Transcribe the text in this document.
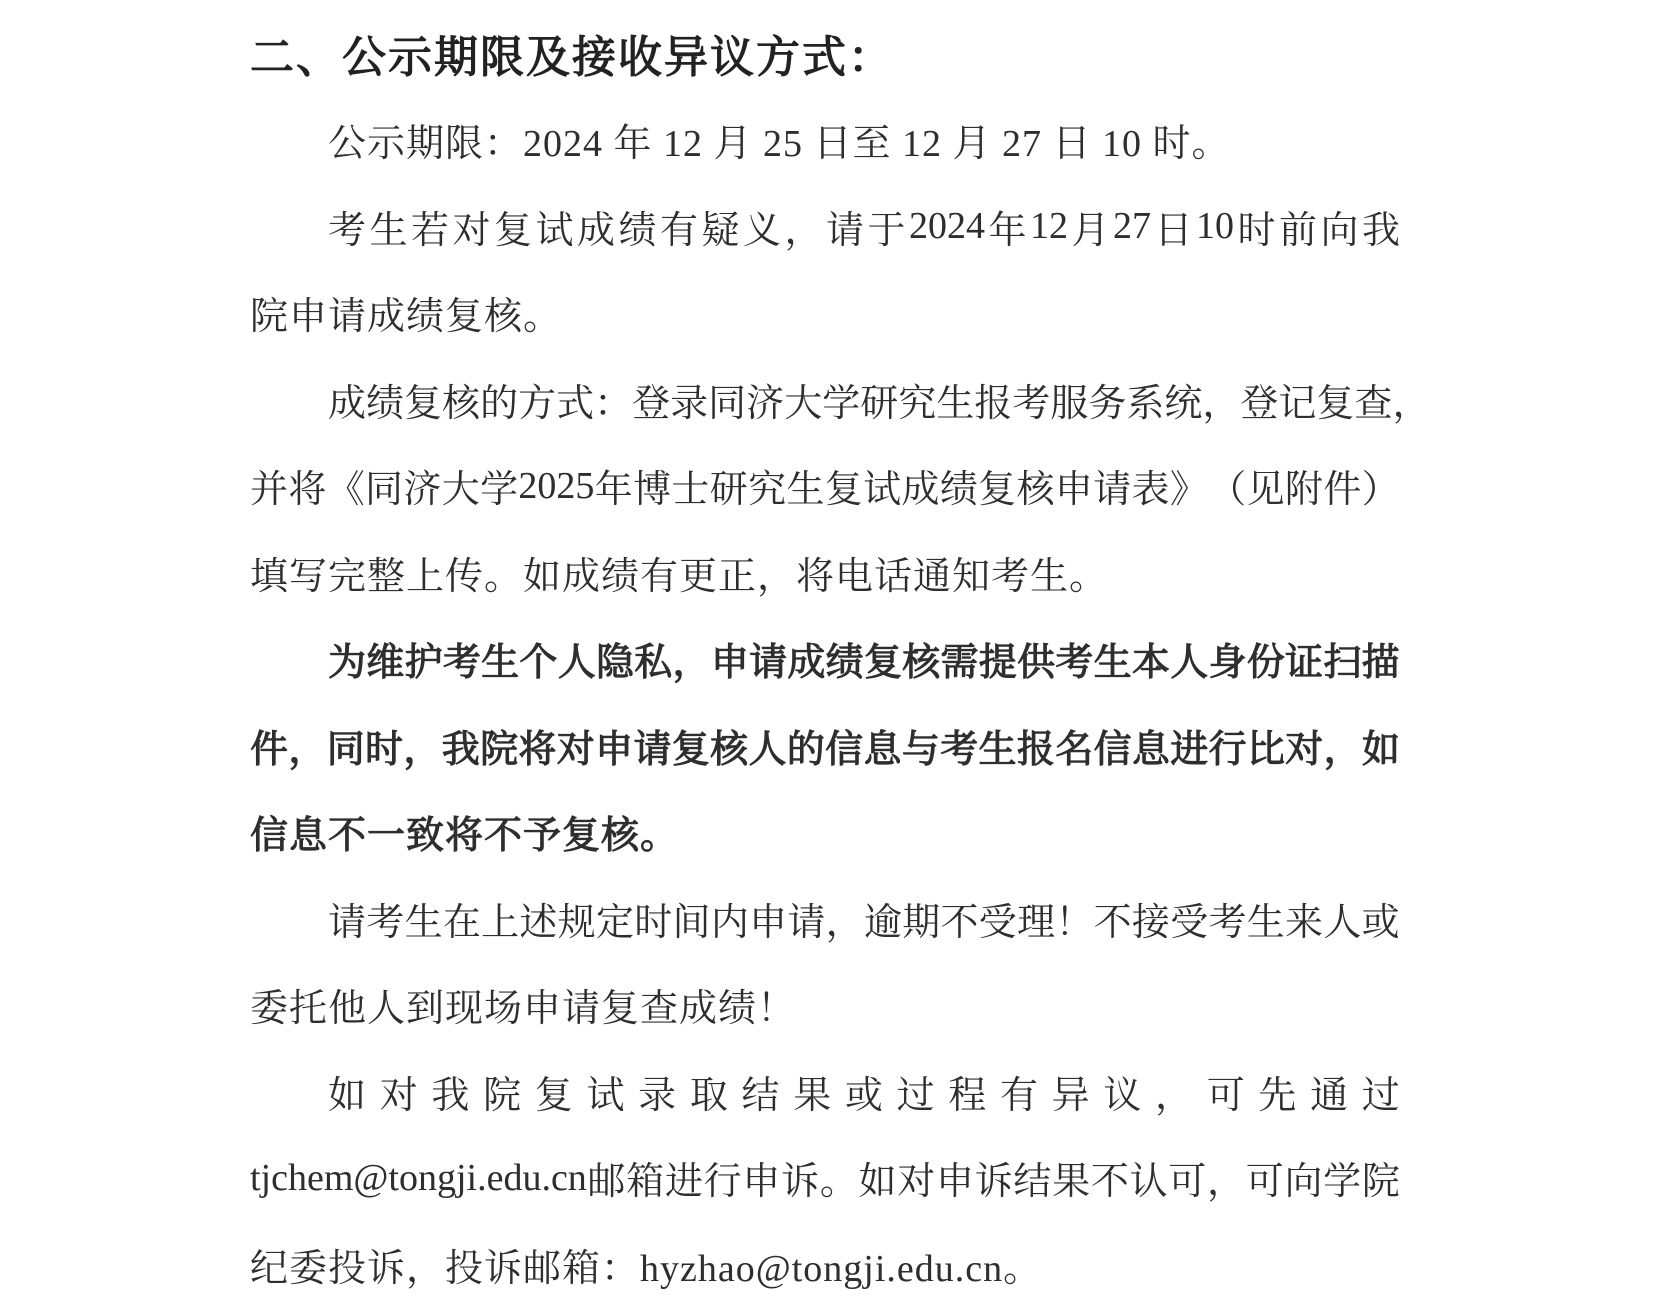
二、公示期限及接收异议方式：
公示期限：2024 年 12 月 25 日至 12 月 27 日 10 时。
考 生 若 对 复 试 成 绩 有 疑 义 ， 请 于 2024 年 12 月 27 日 10 时 前 向 我
院申请成绩复核。
成 绩 复 核 的 方 式 ： 登 录 同 济 大 学 研 究 生 报 考 服 务 系 统 ， 登 记 复 查 ，
并 将 《 同 济 大 学 2025 年 博 士 研 究 生 复 试 成 绩 复 核 申 请 表 》 （ 见 附 件 ）
填写完整上传。如成绩有更正，将电话通知考生。
为 维 护 考 生 个 人 隐 私 ， 申 请 成 绩 复 核 需 提 供 考 生 本 人 身 份 证 扫 描
件 ， 同 时 ， 我 院 将 对 申 请 复 核 人 的 信 息 与 考 生 报 名 信 息 进 行 比 对 ， 如
信息不一致将不予复核。
请 考 生 在 上 述 规 定 时 间 内 申 请 ， 逾 期 不 受 理 ！ 不 接 受 考 生 来 人 或
委托他人到现场申请复查成绩！
如 对 我 院 复 试 录 取 结 果 或 过 程 有 异 议 ， 可 先 通 过
tjchem@tongji.edu.cn 邮 箱 进 行 申 诉 。 如 对 申 诉 结 果 不 认 可 ， 可 向 学 院
纪委投诉，投诉邮箱：hyzhao@tongji.edu.cn。
